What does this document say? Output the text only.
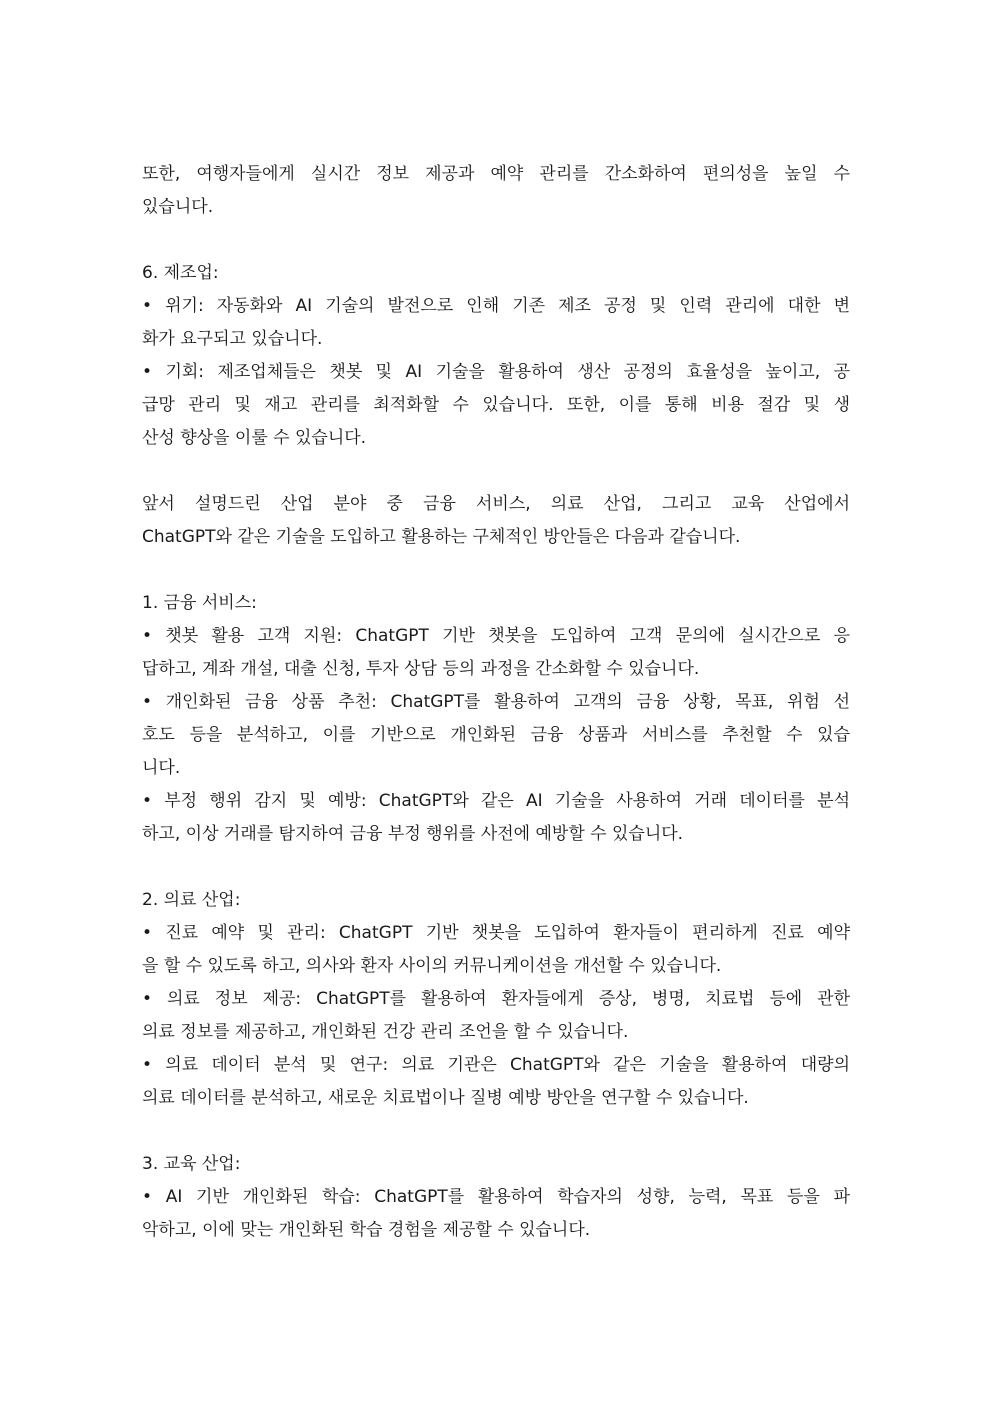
또한, 여행자들에게 실시간 정보 제공과 예약 관리를 간소화하여 편의성을 높일 수
있습니다.
6. 제조업:
• 위기: 자동화와 AI 기술의 발전으로 인해 기존 제조 공정 및 인력 관리에 대한 변
화가 요구되고 있습니다.
• 기회: 제조업체들은 챗봇 및 AI 기술을 활용하여 생산 공정의 효율성을 높이고, 공
급망 관리 및 재고 관리를 최적화할 수 있습니다. 또한, 이를 통해 비용 절감 및 생
산성 향상을 이룰 수 있습니다.
앞서 설명드린 산업 분야 중 금융 서비스, 의료 산업, 그리고 교육 산업에서
ChatGPT와 같은 기술을 도입하고 활용하는 구체적인 방안들은 다음과 같습니다.
1. 금융 서비스:
• 챗봇 활용 고객 지원: ChatGPT 기반 챗봇을 도입하여 고객 문의에 실시간으로 응
답하고, 계좌 개설, 대출 신청, 투자 상담 등의 과정을 간소화할 수 있습니다.
• 개인화된 금융 상품 추천: ChatGPT를 활용하여 고객의 금융 상황, 목표, 위험 선
호도 등을 분석하고, 이를 기반으로 개인화된 금융 상품과 서비스를 추천할 수 있습
니다.
• 부정 행위 감지 및 예방: ChatGPT와 같은 AI 기술을 사용하여 거래 데이터를 분석
하고, 이상 거래를 탐지하여 금융 부정 행위를 사전에 예방할 수 있습니다.
2. 의료 산업:
• 진료 예약 및 관리: ChatGPT 기반 챗봇을 도입하여 환자들이 편리하게 진료 예약
을 할 수 있도록 하고, 의사와 환자 사이의 커뮤니케이션을 개선할 수 있습니다.
• 의료 정보 제공: ChatGPT를 활용하여 환자들에게 증상, 병명, 치료법 등에 관한
의료 정보를 제공하고, 개인화된 건강 관리 조언을 할 수 있습니다.
• 의료 데이터 분석 및 연구: 의료 기관은 ChatGPT와 같은 기술을 활용하여 대량의
의료 데이터를 분석하고, 새로운 치료법이나 질병 예방 방안을 연구할 수 있습니다.
3. 교육 산업:
• AI 기반 개인화된 학습: ChatGPT를 활용하여 학습자의 성향, 능력, 목표 등을 파
악하고, 이에 맞는 개인화된 학습 경험을 제공할 수 있습니다.
